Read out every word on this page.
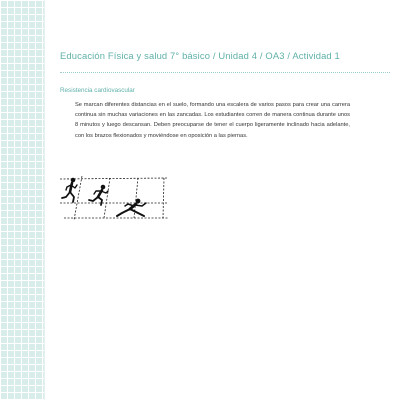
Educación Física y salud 7° básico / Unidad 4 / OA3 / Actividad 1
Resistencia cardiovascular

Se marcan diferentes distancias en el suelo, formando una escalera de varios pasos para crear una carrera continua sin muchas variaciones en las zancadas. Los estudiantes corren de manera continua durante unos 8 minutos y luego descansan. Deben preocuparse de tener el cuerpo ligeramente inclinado hacia adelante, con los brazos flexionados y moviéndose en oposición a las piernas.
